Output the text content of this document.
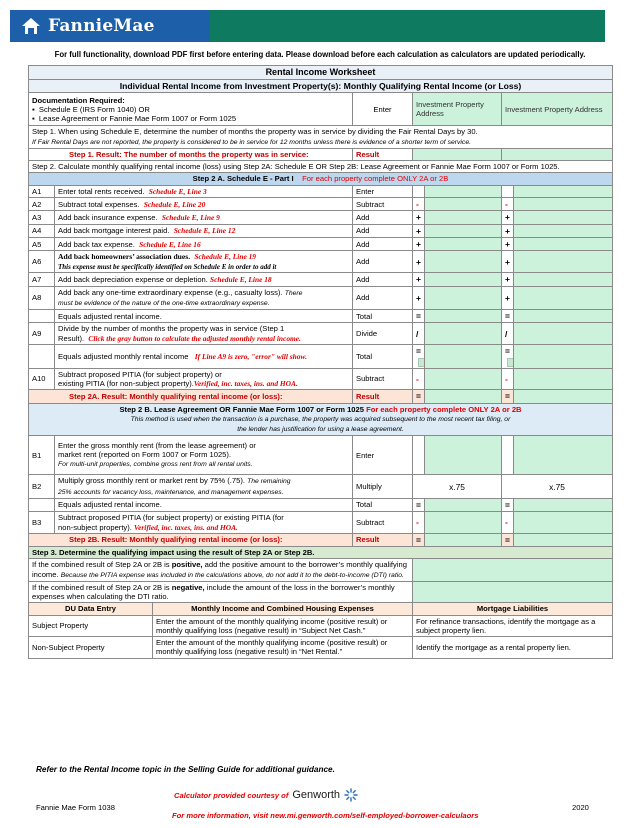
FannieMae
For full functionality, download PDF first before entering data. Please download before each calculation as calculators are updated periodically.
Rental Income Worksheet							
Individual Rental Income from Investment Property(s): Monthly Qualifying Rental Income (or Loss)							
Documentation Required:
▪  Schedule E (IRS Form 1040) OR
▪  Lease Agreement or Fannie Mae Form 1007 or Form 1025			Enter	Investment Property Address		Investment Property Address	
Step 1. When using Schedule E, determine the number of months the property was in service by dividing the Fair Rental Days by 30.
If Fair Rental Days are not reported, the property is considered to be in service for 12 months unless there is evidence of a shorter term of service.							
Step 1. Result: The number of months the property was in service:			Result				
Step 2. Calculate monthly qualifying rental income (loss) using Step 2A: Schedule E OR Step 2B: Lease Agreement or Fannie Mae Form 1007 or Form 1025.							
Step 2 A. Schedule E - Part I For each property complete ONLY 2A or 2B							
A1	Enter total rents received. Schedule E, Line 3		Enter				
A2	Subtract total expenses. Schedule E, Line 20		Subtract	-		-	
A3	Add back insurance expense. Schedule E, Line 9		Add	+		+	
A4	Add back mortgage interest paid. Schedule E, Line 12		Add	+		+	
A5	Add back tax expense. Schedule E, Line 16		Add	+		+	
A6	Add back homeowners’ association dues. Schedule E, Line 19
This expense must be specifically identified on Schedule E in order to add it		Add	+		+	
A7	Add back depreciation expense or depletion. Schedule E, Line 18		Add	+		+	
A8	Add back any one-time extraordinary expense (e.g., casualty loss). There
must be evidence of the nature of the one-time extraordinary expense.		Add	+		+	
	Equals adjusted rental income.		Total	=		=	
A9	Divide by the number of months the property was in service (Step 1
Result). Click the gray button to calculate the adjusted monthly rental income.		Divide	/		/	
	Equals adjusted monthly rental income If Line A9 is zero, "error" will show.		Total	=		=	
A10	Subtract proposed PITIA (for subject property) or
existing PITIA (for non-subject property).Verified, inc. taxes, ins. and HOA.		Subtract	-		-	
Step 2A. Result: Monthly qualifying rental income (or loss):			Result	=		=	
Step 2 B. Lease Agreement OR Fannie Mae Form 1007 or Form 1025 For each property complete ONLY 2A or 2B
This method is used when the transaction is a purchase, the property was acquired subsequent to the most recent tax filing, or
the lender has justification for using a lease agreement.							
B1	Enter the gross monthly rent (from the lease agreement) or
market rent (reported on Form 1007 or Form 1025).
For multi-unit properties, combine gross rent from all rental units.		Enter				
B2	Multiply gross monthly rent or market rent by 75% (.75). The remaining
25% accounts for vacancy loss, maintenance, and management expenses.		Multiply	x.75		x.75	
	Equals adjusted rental income.		Total	=		=	
B3	Subtract proposed PITIA (for subject property) or existing PITIA (for
non-subject property). Verified, inc. taxes, ins. and HOA.		Subtract	-		-	
Step 2B. Result: Monthly qualifying rental income (or loss):			Result	=		=	
Step 3. Determine the qualifying impact using the result of Step 2A or Step 2B.							
If the combined result of Step 2A or 2B is positive, add the positive amount to the borrower’s monthly qualifying income. Because the PITIA expense was included in the calculations above, do not add it to the debt-to-income (DTI) ratio.							
If the combined result of Step 2A or 2B is negative, include the amount of the loss in the borrower’s monthly expenses when calculating the DTI ratio.							
DU Data Entry		Monthly Income and Combined Housing Expenses		Mortgage Liabilities			
Subject Property		Enter the amount of the monthly qualifying income (positive result) or monthly qualifying loss (negative result) in “Subject Net Cash.”		For refinance transactions, identify the mortgage as a subject property lien.			
Non-Subject Property		Enter the amount of the monthly qualifying income (positive result) or monthly qualifying loss (negative result) in “Net Rental.”		Identify the mortgage as a rental property lien.			
Refer to the Rental Income topic in the Selling Guide for additional guidance.
Calculator provided courtesy of Genworth
Fannie Mae Form 1038	2020
For more information, visit new.mi.genworth.com/self-employed-borrower-calculaors
